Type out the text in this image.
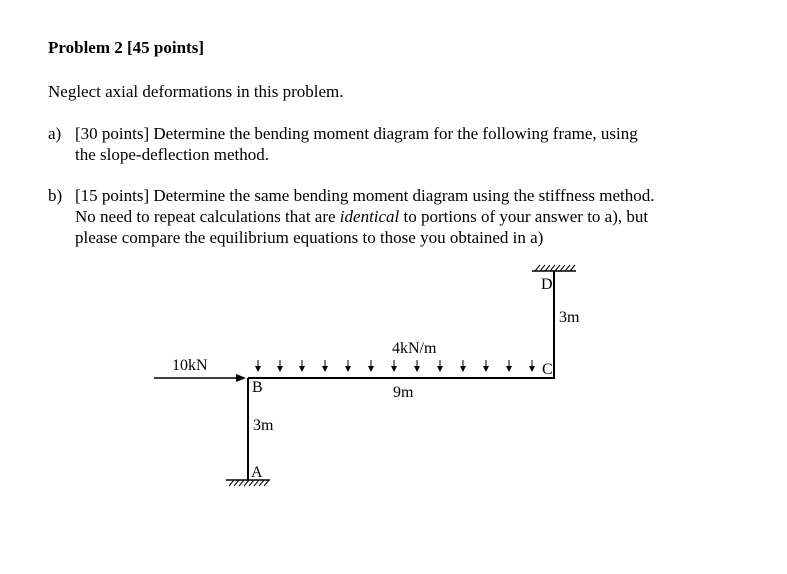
Problem 2 [45 points]
Neglect axial deformations in this problem.
a) [30 points] Determine the bending moment diagram for the following frame, using
the slope-deflection method.
b) [15 points] Determine the same bending moment diagram using the stiffness method.
No need to repeat calculations that are identical to portions of your answer to a), but
please compare the equilibrium equations to those you obtained in a)
10kN
4kN/m
9m
3m
3m
B
A
C
D
